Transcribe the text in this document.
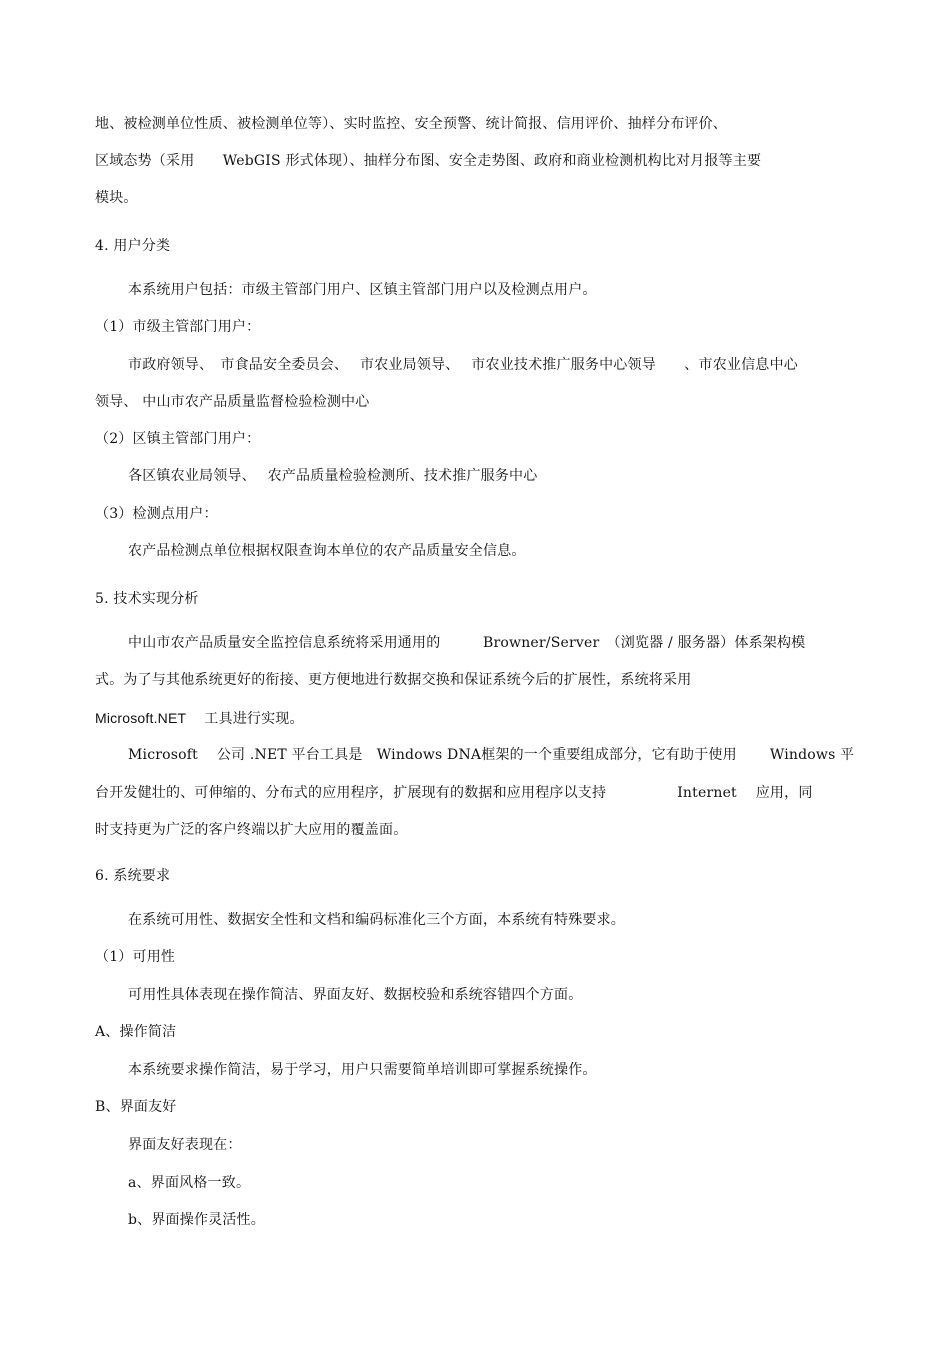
地、被检测单位性质、被检测单位等）、实时监控、安全预警、统计简报、信用评价、抽样分布评价、
区域态势（采用　　WebGIS 形式体现）、抽样分布图、安全走势图、政府和商业检测机构比对月报等主要
模块。
4. 用户分类
本系统用户包括：市级主管部门用户、区镇主管部门用户以及检测点用户。
（1）市级主管部门用户：
市政府领导、　市食品安全委员会、　 市农业局领导、　 市农业技术推广服务中心领导　　、市农业信息中心
领导、 中山市农产品质量监督检验检测中心
（2）区镇主管部门用户：
各区镇农业局领导、　 农产品质量检验检测所、技术推广服务中心
（3）检测点用户：
农产品检测点单位根据权限查询本单位的农产品质量安全信息。
5. 技术实现分析
中山市农产品质量安全监控信息系统将采用通用的　　　Browner/Server　（浏览器 / 服务器）体系架构模
式。为了与其他系统更好的衔接、更方便地进行数据交换和保证系统今后的扩展性，系统将采用
Microsoft.NET　 工具进行实现。
Microsoft　 公司 .NET 平台工具是　Windows DNA框架的一个重要组成部分，它有助于使用　　 Windows 平
台开发健壮的、可伸缩的、分布式的应用程序，扩展现有的数据和应用程序以支持　　　　　Internet　 应用，同
时支持更为广泛的客户终端以扩大应用的覆盖面。
6. 系统要求
在系统可用性、数据安全性和文档和编码标准化三个方面，本系统有特殊要求。
（1）可用性
可用性具体表现在操作简洁、界面友好、数据校验和系统容错四个方面。
A、操作简洁
本系统要求操作简洁，易于学习，用户只需要简单培训即可掌握系统操作。
B、界面友好
界面友好表现在：
a、界面风格一致。
b、界面操作灵活性。
